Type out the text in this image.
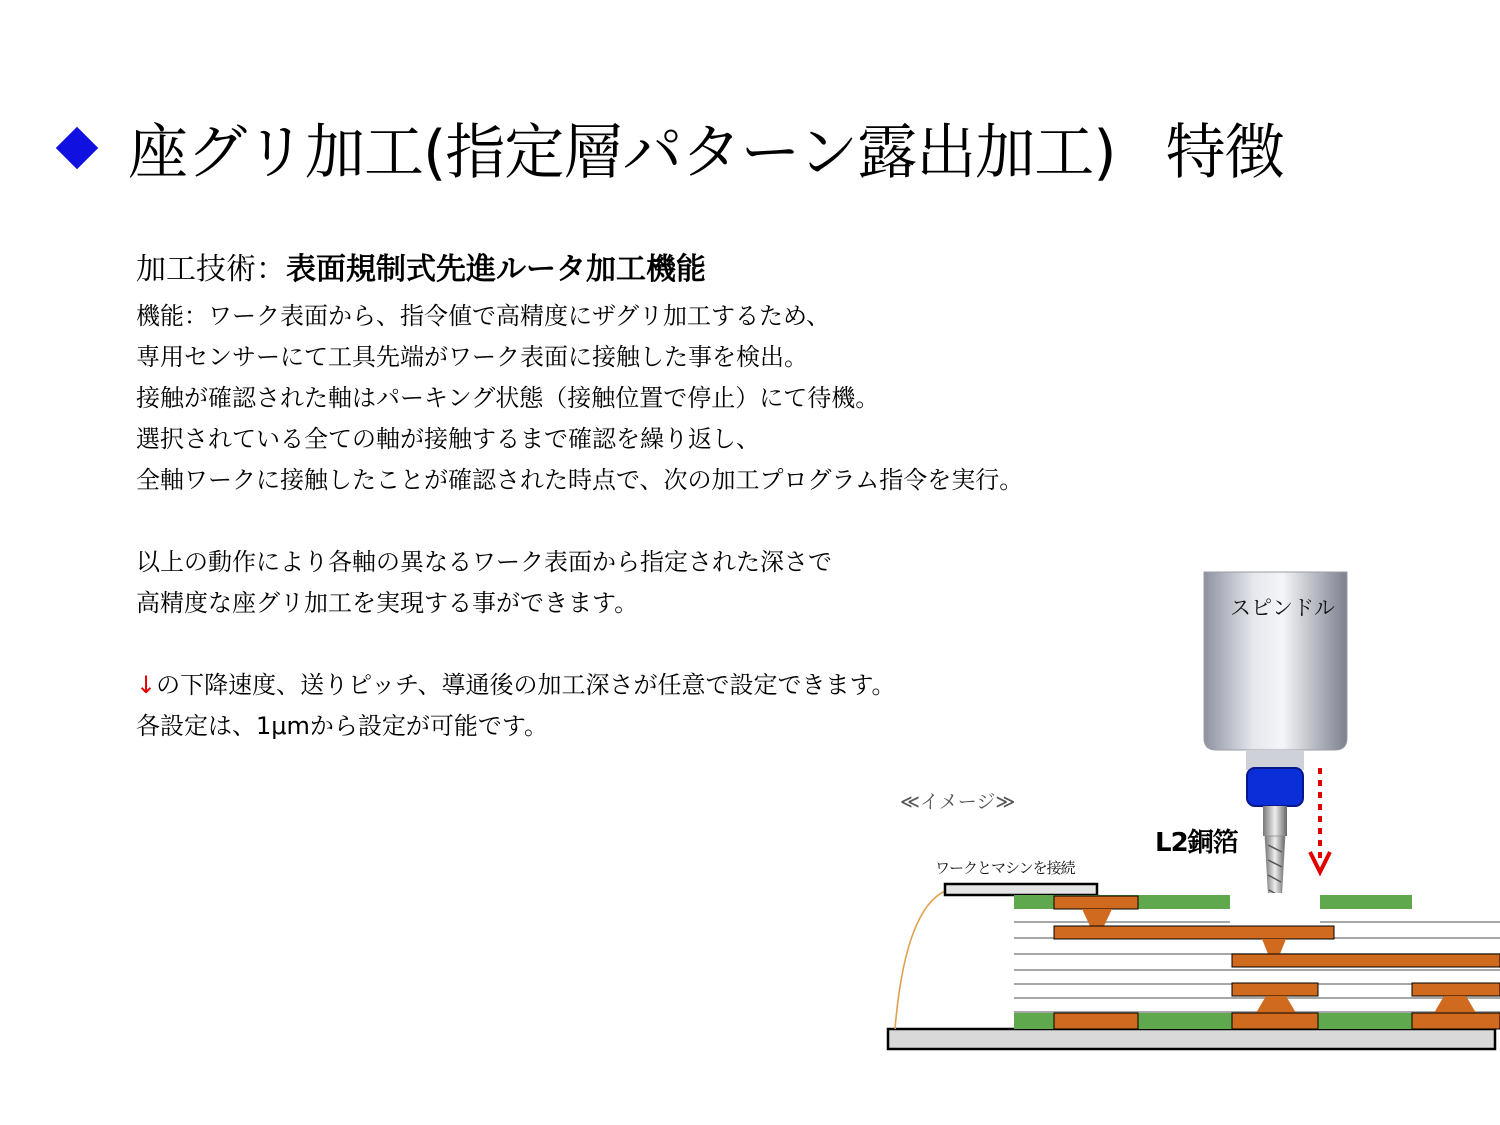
座グリ加工(指定層パターン露出加工) 特徴
加工技術：表面規制式先進ルータ加工機能
機能：ワーク表面から、指令値で高精度にザグリ加工するため、
専用センサーにて工具先端がワーク表面に接触した事を検出。
接触が確認された軸はパーキング状態（接触位置で停止）にて待機。
選択されている全ての軸が接触するまで確認を繰り返し、
全軸ワークに接触したことが確認された時点で、次の加工プログラム指令を実行。
以上の動作により各軸の異なるワーク表面から指定された深さで
高精度な座グリ加工を実現する事ができます。
↓の下降速度、送りピッチ、導通後の加工深さが任意で設定できます。
各設定は、1μmから設定が可能です。
スピンドル
≪イメージ≫
L2銅箔
ワークとマシンを接続
